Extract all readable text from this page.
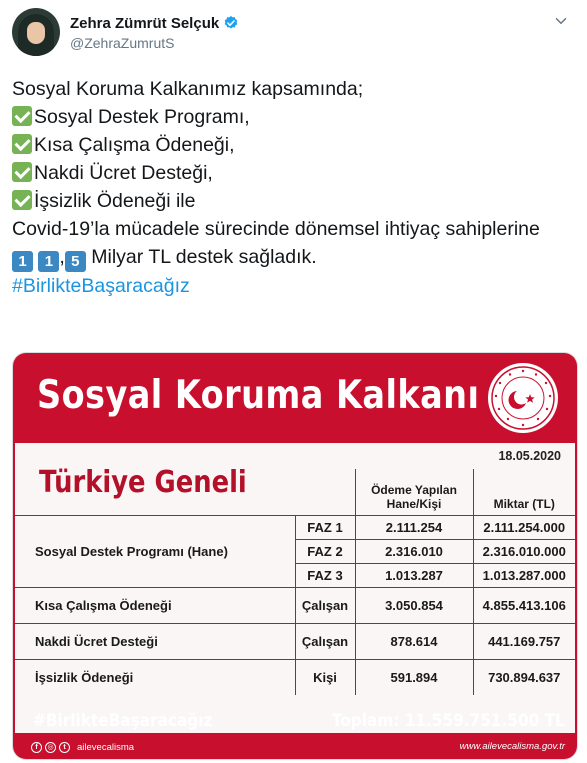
Zehra Zümrüt Selçuk
@ZehraZumrutS
Sosyal Koruma Kalkanımız kapsamında;
Sosyal Destek Programı,
Kısa Çalışma Ödeneği,
Nakdi Ücret Desteği,
İşsizlik Ödeneği ile
Covid-19’la mücadele sürecinde dönemsel ihtiyaç sahiplerine
1 1 , 5 Milyar TL destek sağladık.
#BirlikteBaşaracağız
Sosyal Koruma Kalkanı
18.05.2020
Türkiye Geneli
			Ödeme Yapılan Hane/Kişi	Miktar (TL)
Sosyal Destek Programı (Hane)	FAZ 1	2.111.254	2.111.254.000
	FAZ 2	2.316.010	2.316.010.000
	FAZ 3	1.013.287	1.013.287.000
Kısa Çalışma Ödeneği	Çalışan	3.050.854	4.855.413.106
Nakdi Ücret Desteği	Çalışan	878.614	441.169.757
İşsizlik Ödeneği	Kişi	591.894	730.894.637
#BirlikteBaşaracağız	Toplam: 11.559.751.500 TL
f	◎	t	ailevecalisma	www.ailevecalisma.gov.tr
